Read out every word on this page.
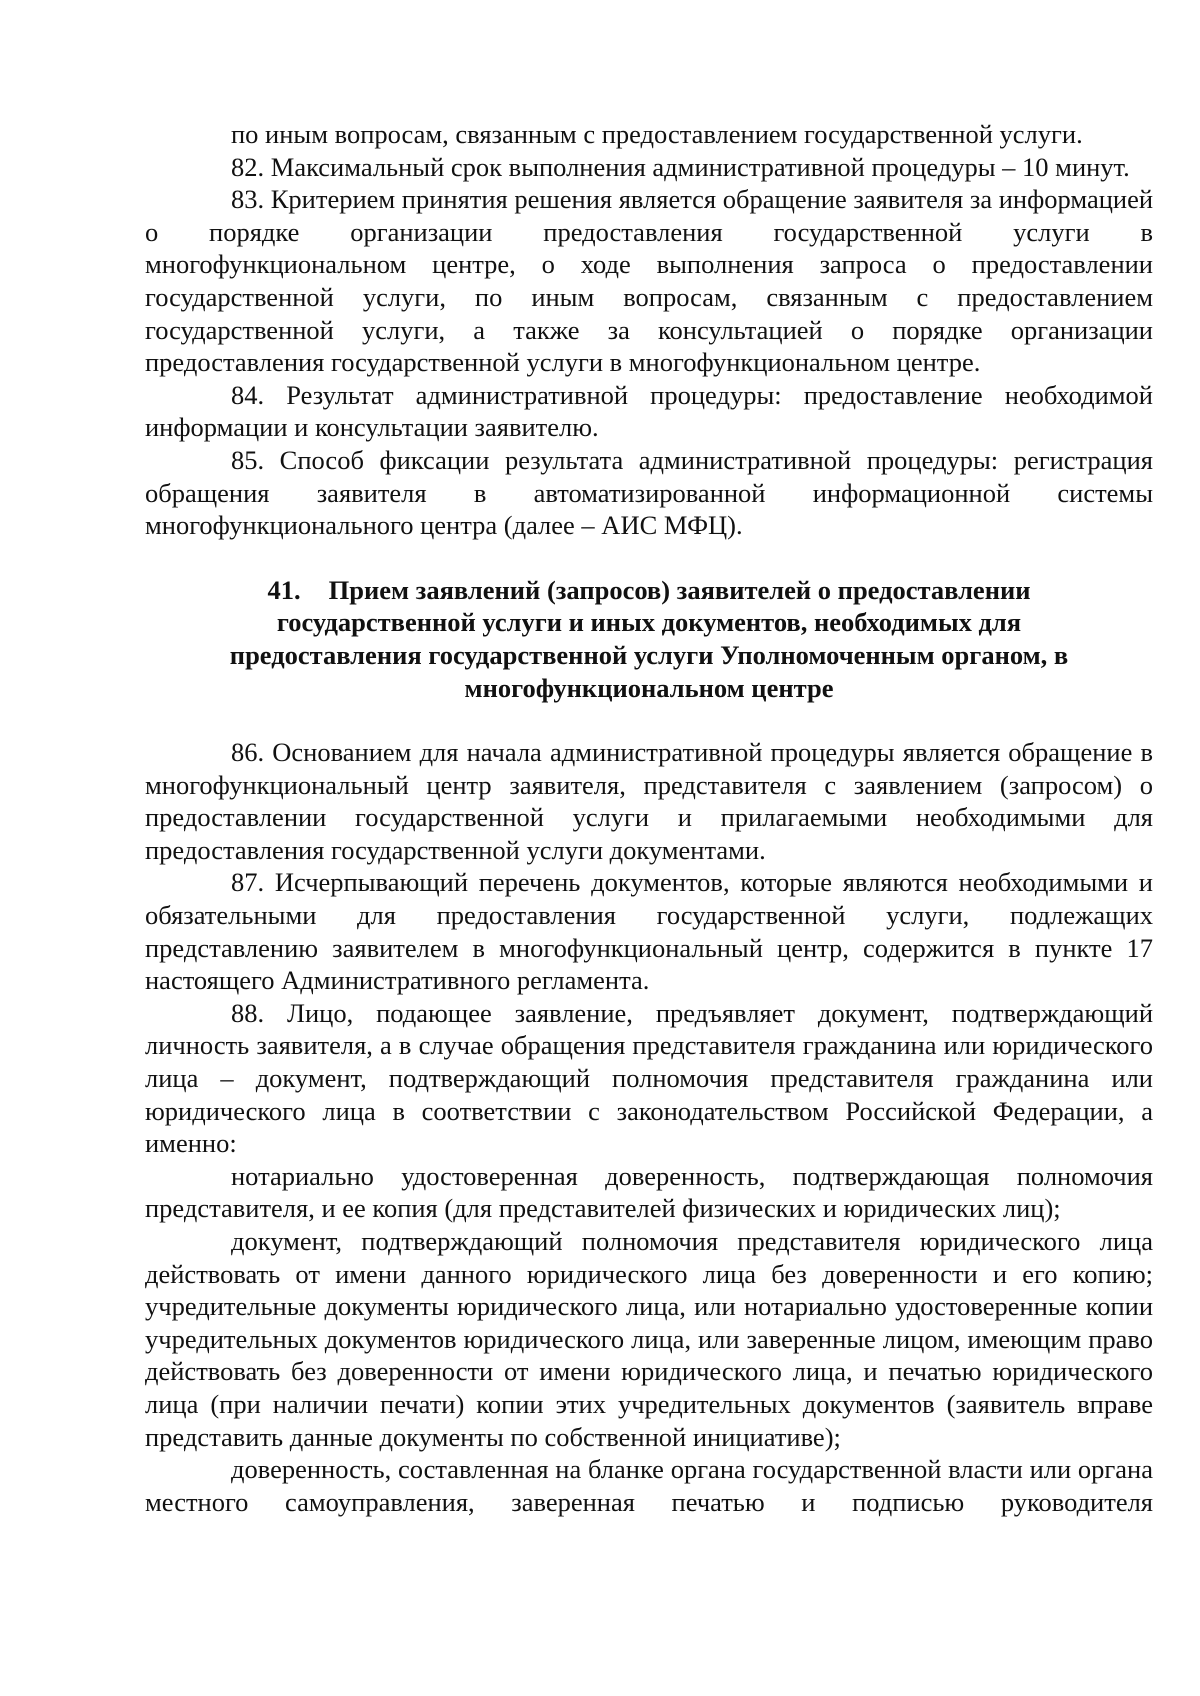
по иным вопросам, связанным с предоставлением государственной услуги.

82. Максимальный срок выполнения административной процедуры – 10 минут.

83. Критерием принятия решения является обращение заявителя за информацией о порядке организации предоставления государственной услуги в многофункциональном центре, о ходе выполнения запроса о предоставлении государственной услуги, по иным вопросам, связанным с предоставлением государственной услуги, а также за консультацией о порядке организации предоставления государственной услуги в многофункциональном центре.

84. Результат административной процедуры: предоставление необходимой информации и консультации заявителю.

85. Способ фиксации результата административной процедуры: регистрация обращения заявителя в автоматизированной информационной системы многофункционального центра (далее – АИС МФЦ).

41. Прием заявлений (запросов) заявителей о предоставлении государственной услуги и иных документов, необходимых для предоставления государственной услуги Уполномоченным органом, в многофункциональном центре

86. Основанием для начала административной процедуры является обращение в многофункциональный центр заявителя, представителя с заявлением (запросом) о предоставлении государственной услуги и прилагаемыми необходимыми для предоставления государственной услуги документами.

87. Исчерпывающий перечень документов, которые являются необходимыми и обязательными для предоставления государственной услуги, подлежащих представлению заявителем в многофункциональный центр, содержится в пункте 17 настоящего Административного регламента.

88. Лицо, подающее заявление, предъявляет документ, подтверждающий личность заявителя, а в случае обращения представителя гражданина или юридического лица – документ, подтверждающий полномочия представителя гражданина или юридического лица в соответствии с законодательством Российской Федерации, а именно:

нотариально удостоверенная доверенность, подтверждающая полномочия представителя, и ее копия (для представителей физических и юридических лиц);

документ, подтверждающий полномочия представителя юридического лица действовать от имени данного юридического лица без доверенности и его копию; учредительные документы юридического лица, или нотариально удостоверенные копии учредительных документов юридического лица, или заверенные лицом, имеющим право действовать без доверенности от имени юридического лица, и печатью юридического лица (при наличии печати) копии этих учредительных документов (заявитель вправе представить данные документы по собственной инициативе);

доверенность, составленная на бланке органа государственной власти или органа местного самоуправления, заверенная печатью и подписью руководителя
